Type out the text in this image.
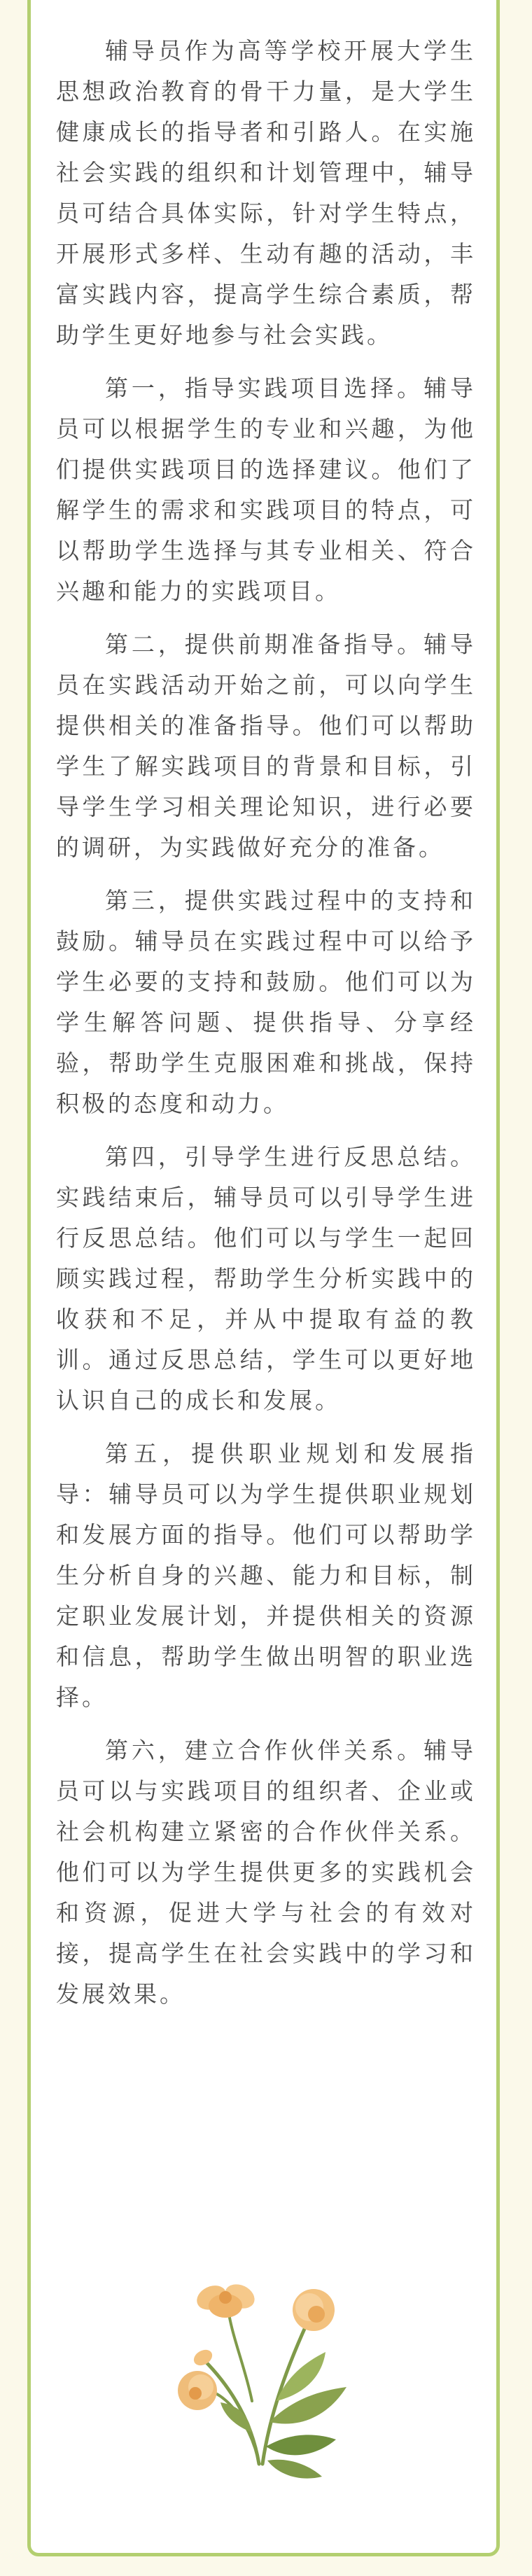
辅导员作为高等学校开展大学生思想政治教育的骨干力量，是大学生健康成长的指导者和引路人。在实施社会实践的组织和计划管理中，辅导员可结合具体实际，针对学生特点，开展形式多样、生动有趣的活动，丰富实践内容，提高学生综合素质，帮助学生更好地参与社会实践。

第一，指导实践项目选择。辅导员可以根据学生的专业和兴趣，为他们提供实践项目的选择建议。他们了解学生的需求和实践项目的特点，可以帮助学生选择与其专业相关、符合兴趣和能力的实践项目。

第二，提供前期准备指导。辅导员在实践活动开始之前，可以向学生提供相关的准备指导。他们可以帮助学生了解实践项目的背景和目标，引导学生学习相关理论知识，进行必要的调研，为实践做好充分的准备。

第三，提供实践过程中的支持和鼓励。辅导员在实践过程中可以给予学生必要的支持和鼓励。他们可以为学生解答问题、提供指导、分享经验，帮助学生克服困难和挑战，保持积极的态度和动力。

第四，引导学生进行反思总结。实践结束后，辅导员可以引导学生进行反思总结。他们可以与学生一起回顾实践过程，帮助学生分析实践中的收获和不足，并从中提取有益的教训。通过反思总结，学生可以更好地认识自己的成长和发展。

第五，提供职业规划和发展指导：辅导员可以为学生提供职业规划和发展方面的指导。他们可以帮助学生分析自身的兴趣、能力和目标，制定职业发展计划，并提供相关的资源和信息，帮助学生做出明智的职业选择。

第六，建立合作伙伴关系。辅导员可以与实践项目的组织者、企业或社会机构建立紧密的合作伙伴关系。他们可以为学生提供更多的实践机会和资源，促进大学与社会的有效对接，提高学生在社会实践中的学习和发展效果。
